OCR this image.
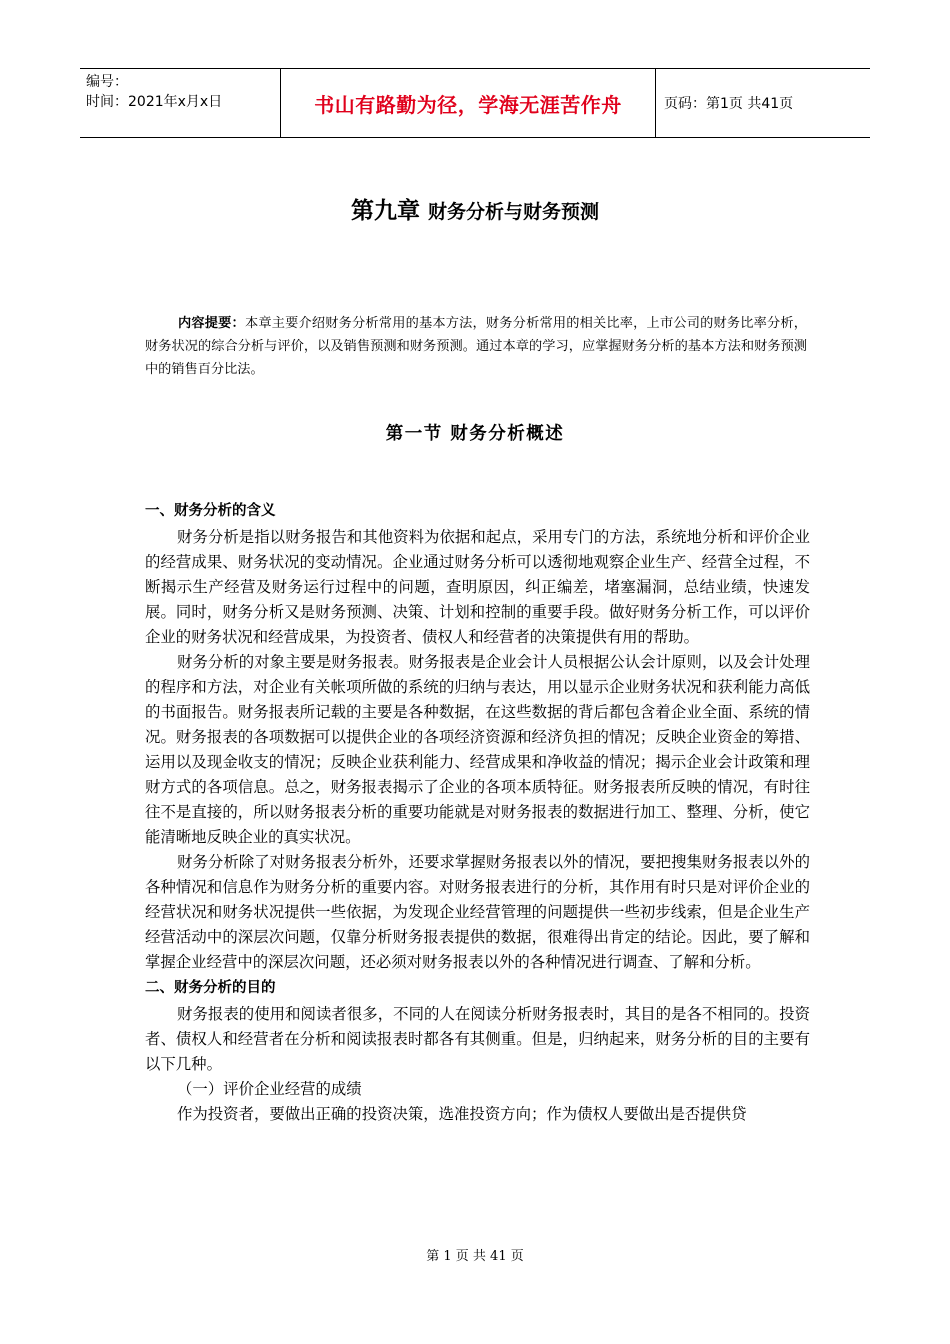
编号：
时间：2021年x月x日	书山有路勤为径，学海无涯苦作舟	页码：第1页 共41页
第九章 财务分析与财务预测
内容提要：本章主要介绍财务分析常用的基本方法，财务分析常用的相关比率，上市公司的财务比率分析，财务状况的综合分析与评价，以及销售预测和财务预测。通过本章的学习，应掌握财务分析的基本方法和财务预测中的销售百分比法。
第一节 财务分析概述

一、财务分析的含义

财务分析是指以财务报告和其他资料为依据和起点，采用专门的方法，系统地分析和评价企业的经营成果、财务状况的变动情况。企业通过财务分析可以透彻地观察企业生产、经营全过程，不断揭示生产经营及财务运行过程中的问题，查明原因，纠正编差，堵塞漏洞，总结业绩，快速发展。同时，财务分析又是财务预测、决策、计划和控制的重要手段。做好财务分析工作，可以评价企业的财务状况和经营成果，为投资者、债权人和经营者的决策提供有用的帮助。

财务分析的对象主要是财务报表。财务报表是企业会计人员根据公认会计原则，以及会计处理的程序和方法，对企业有关帐项所做的系统的归纳与表达，用以显示企业财务状况和获利能力高低的书面报告。财务报表所记载的主要是各种数据，在这些数据的背后都包含着企业全面、系统的情况。财务报表的各项数据可以提供企业的各项经济资源和经济负担的情况；反映企业资金的筹措、运用以及现金收支的情况；反映企业获利能力、经营成果和净收益的情况；揭示企业会计政策和理财方式的各项信息。总之，财务报表揭示了企业的各项本质特征。财务报表所反映的情况，有时往往不是直接的，所以财务报表分析的重要功能就是对财务报表的数据进行加工、整理、分析，使它能清晰地反映企业的真实状况。

财务分析除了对财务报表分析外，还要求掌握财务报表以外的情况，要把搜集财务报表以外的各种情况和信息作为财务分析的重要内容。对财务报表进行的分析，其作用有时只是对评价企业的经营状况和财务状况提供一些依据，为发现企业经营管理的问题提供一些初步线索，但是企业生产经营活动中的深层次问题，仅靠分析财务报表提供的数据，很难得出肯定的结论。因此，要了解和掌握企业经营中的深层次问题，还必须对财务报表以外的各种情况进行调查、了解和分析。

二、财务分析的目的

财务报表的使用和阅读者很多，不同的人在阅读分析财务报表时，其目的是各不相同的。投资者、债权人和经营者在分析和阅读报表时都各有其侧重。但是，归纳起来，财务分析的目的主要有以下几种。

（一）评价企业经营的成绩

作为投资者，要做出正确的投资决策，选准投资方向；作为债权人要做出是否提供贷

第 1 页 共 41 页
